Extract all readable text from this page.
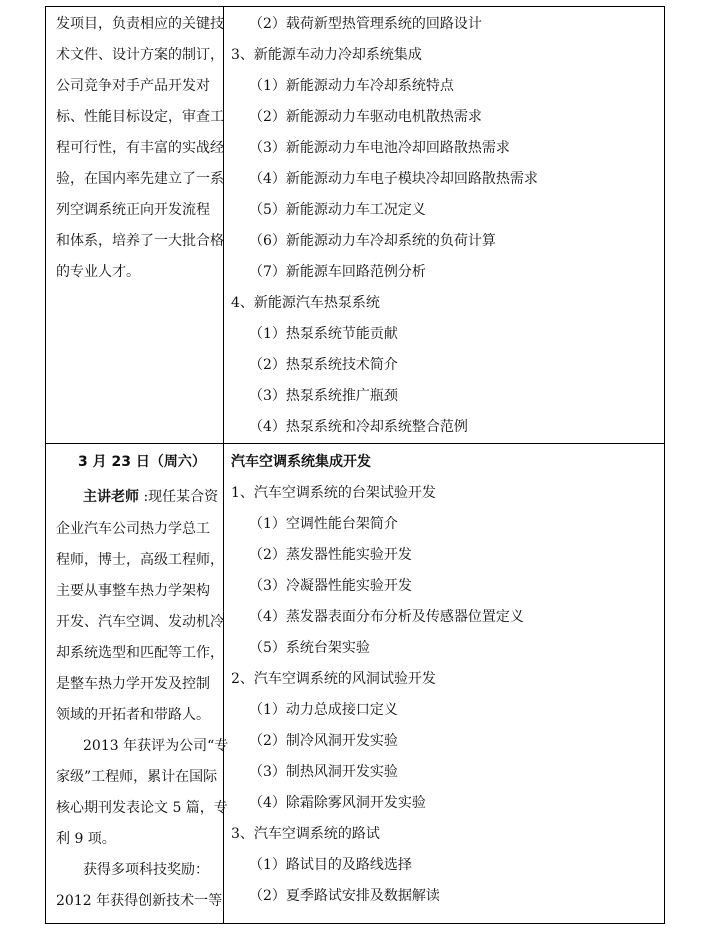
发项目，负责相应的关键技
术文件、设计方案的制订，
公司竞争对手产品开发对
标、性能目标设定，审查工
程可行性，有丰富的实战经
验，在国内率先建立了一系
列空调系统正向开发流程
和体系，培养了一大批合格
的专业人才。
（2）载荷新型热管理系统的回路设计
3、新能源车动力冷却系统集成
（1）新能源动力车冷却系统特点
（2）新能源动力车驱动电机散热需求
（3）新能源动力车电池冷却回路散热需求
（4）新能源动力车电子模块冷却回路散热需求
（5）新能源动力车工况定义
（6）新能源动力车冷却系统的负荷计算
（7）新能源车回路范例分析
4、新能源汽车热泵系统
（1）热泵系统节能贡献
（2）热泵系统技术简介
（3）热泵系统推广瓶颈
（4）热泵系统和冷却系统整合范例
3 月 23 日（周六）
主讲老师 :现任某合资
企业汽车公司热力学总工
程师，博士，高级工程师，
主要从事整车热力学架构
开发、汽车空调、发动机冷
却系统选型和匹配等工作，
是整车热力学开发及控制
领域的开拓者和带路人。
2013 年获评为公司“专
家级”工程师，累计在国际
核心期刊发表论文 5 篇，专
利 9 项。
获得多项科技奖励：
2012 年获得创新技术一等
汽车空调系统集成开发
1、汽车空调系统的台架试验开发
（1）空调性能台架简介
（2）蒸发器性能实验开发
（3）冷凝器性能实验开发
（4）蒸发器表面分布分析及传感器位置定义
（5）系统台架实验
2、汽车空调系统的风洞试验开发
（1）动力总成接口定义
（2）制冷风洞开发实验
（3）制热风洞开发实验
（4）除霜除雾风洞开发实验
3、汽车空调系统的路试
（1）路试目的及路线选择
（2）夏季路试安排及数据解读
